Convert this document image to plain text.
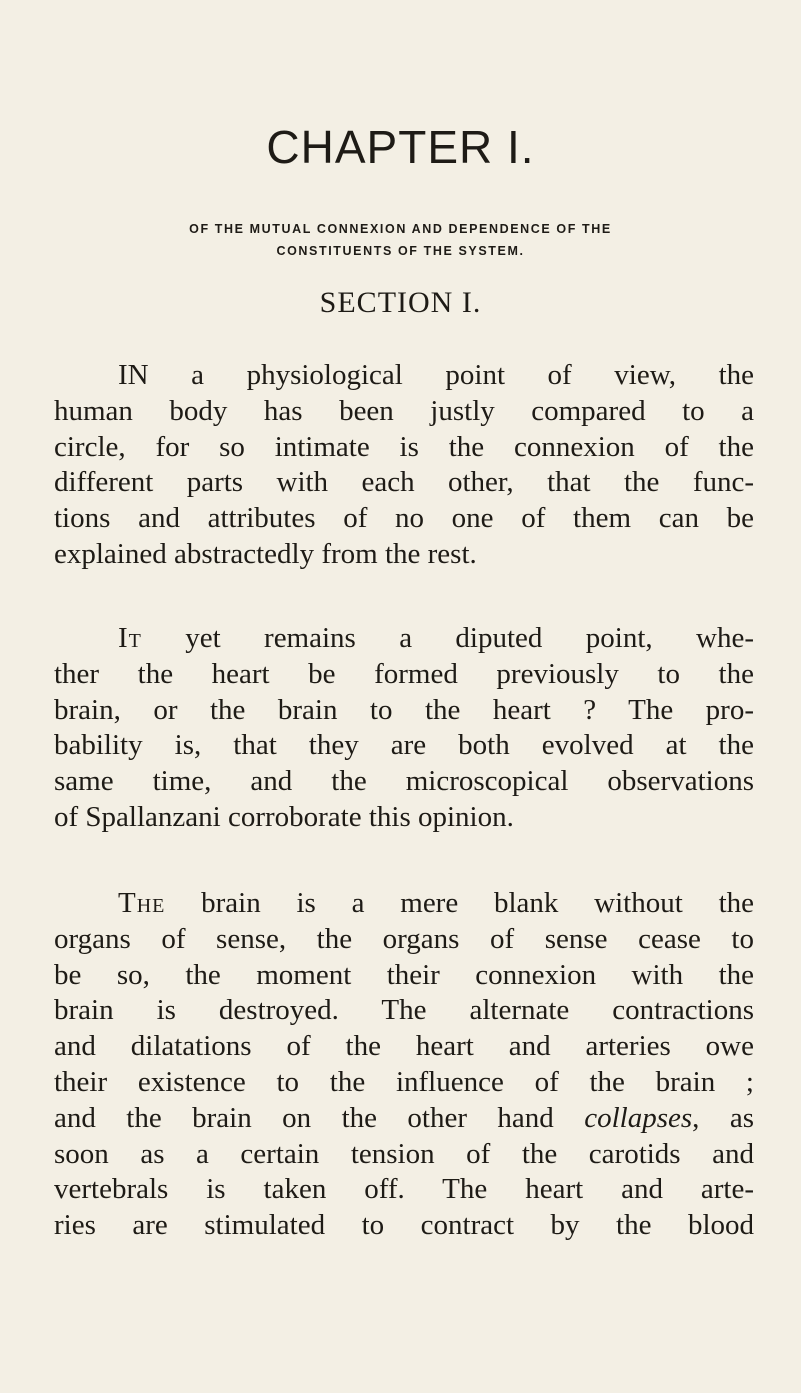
CHAPTER I.
OF THE MUTUAL CONNEXION AND DEPENDENCE OF THE
CONSTITUENTS OF THE SYSTEM.
SECTION I.
IN a physiological point of view, the
human body has been justly compared to a
circle, for so intimate is the connexion of the
different parts with each other, that the func-
tions and attributes of no one of them can be
explained abstractedly from the rest.
It yet remains a diputed point, whe-
ther the heart be formed previously to the
brain, or the brain to the heart ? The pro-
bability is, that they are both evolved at the
same time, and the microscopical observations
of Spallanzani corroborate this opinion.
The brain is a mere blank without the
organs of sense, the organs of sense cease to
be so, the moment their connexion with the
brain is destroyed. The alternate contractions
and dilatations of the heart and arteries owe
their existence to the influence of the brain ;
and the brain on the other hand collapses, as
soon as a certain tension of the carotids and
vertebrals is taken off. The heart and arte-
ries are stimulated to contract by the blood
